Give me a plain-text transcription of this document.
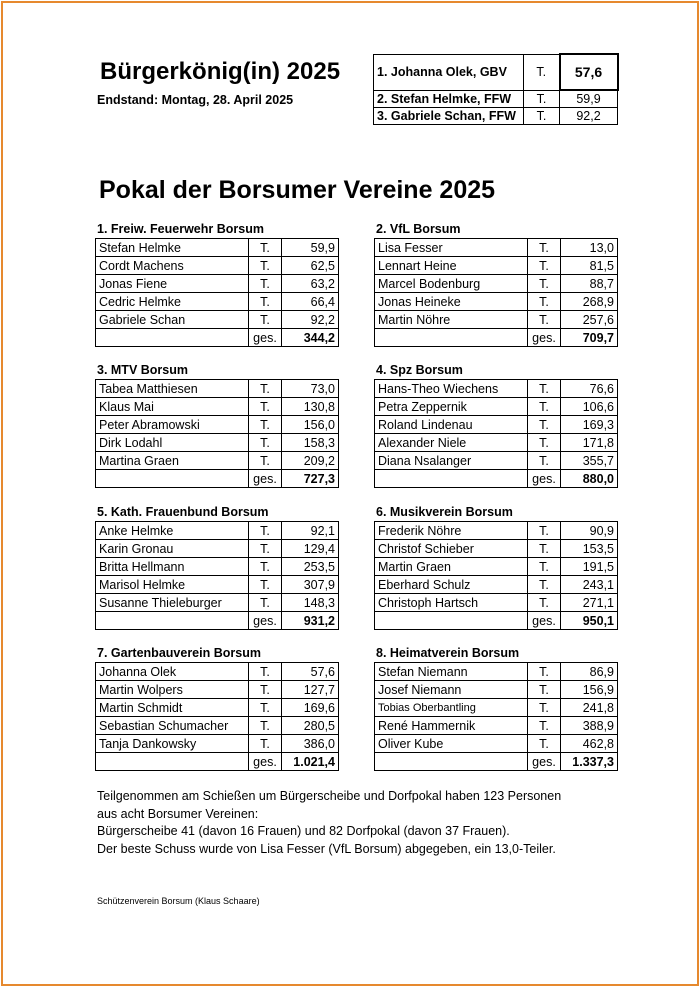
Bürgerkönig(in) 2025
Endstand: Montag, 28. April 2025
1. Johanna Olek, GBV	T.	57,6
2. Stefan Helmke, FFW	T.	59,9
3. Gabriele Schan, FFW	T.	92,2
Pokal der Borsumer Vereine 2025
1. Freiw. Feuerwehr Borsum
Stefan Helmke	T.	59,9
Cordt Machens	T.	62,5
Jonas Fiene	T.	63,2
Cedric Helmke	T.	66,4
Gabriele Schan	T.	92,2
	ges.	344,2
2. VfL Borsum
Lisa Fesser	T.	13,0
Lennart Heine	T.	81,5
Marcel Bodenburg	T.	88,7
Jonas Heineke	T.	268,9
Martin Nöhre	T.	257,6
	ges.	709,7
3. MTV Borsum
Tabea Matthiesen	T.	73,0
Klaus Mai	T.	130,8
Peter Abramowski	T.	156,0
Dirk Lodahl	T.	158,3
Martina Graen	T.	209,2
	ges.	727,3
4. Spz Borsum
Hans-Theo Wiechens	T.	76,6
Petra Zeppernik	T.	106,6
Roland Lindenau	T.	169,3
Alexander Niele	T.	171,8
Diana Nsalanger	T.	355,7
	ges.	880,0
5. Kath. Frauenbund Borsum
Anke Helmke	T.	92,1
Karin Gronau	T.	129,4
Britta Hellmann	T.	253,5
Marisol Helmke	T.	307,9
Susanne Thieleburger	T.	148,3
	ges.	931,2
6. Musikverein Borsum
Frederik Nöhre	T.	90,9
Christof Schieber	T.	153,5
Martin Graen	T.	191,5
Eberhard Schulz	T.	243,1
Christoph Hartsch	T.	271,1
	ges.	950,1
7. Gartenbauverein Borsum
Johanna Olek	T.	57,6
Martin Wolpers	T.	127,7
Martin Schmidt	T.	169,6
Sebastian Schumacher	T.	280,5
Tanja Dankowsky	T.	386,0
	ges.	1.021,4
8. Heimatverein Borsum
Stefan Niemann	T.	86,9
Josef Niemann	T.	156,9
Tobias Oberbantling	T.	241,8
René Hammernik	T.	388,9
Oliver Kube	T.	462,8
	ges.	1.337,3
Teilgenommen am Schießen um Bürgerscheibe und Dorfpokal haben 123 Personen
aus acht Borsumer Vereinen:
Bürgerscheibe 41 (davon 16 Frauen) und 82 Dorfpokal (davon 37 Frauen).
Der beste Schuss wurde von Lisa Fesser (VfL Borsum) abgegeben, ein 13,0-Teiler.
Schützenverein Borsum (Klaus Schaare)
